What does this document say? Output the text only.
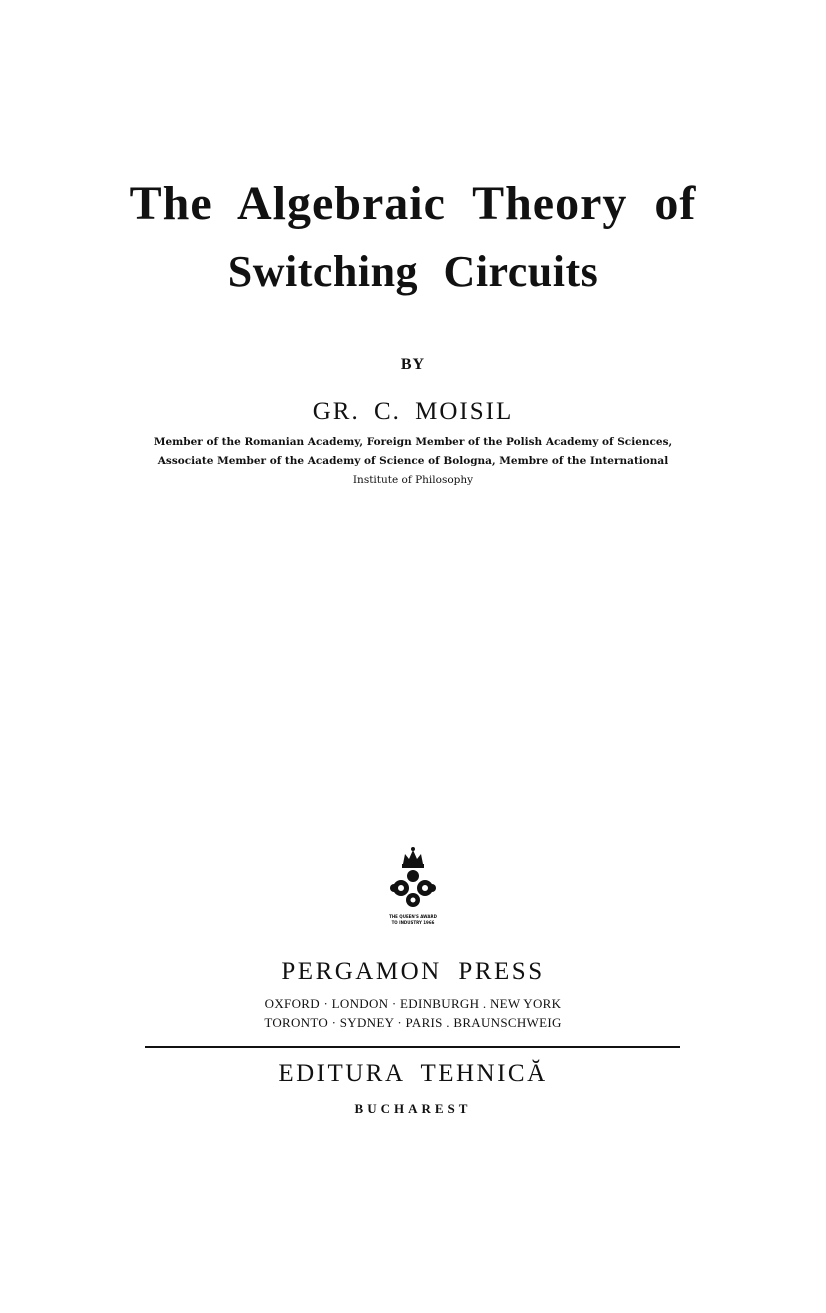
The Algebraic Theory of
Switching Circuits
BY
GR. C. MOISIL
Member of the Romanian Academy, Foreign Member of the Polish Academy of Sciences,
Associate Member of the Academy of Science of Bologna, Membre of the International
Institute of Philosophy
THE QUEEN'S AWARD
TO INDUSTRY 1966
PERGAMON PRESS
OXFORD · LONDON · EDINBURGH . NEW YORK
TORONTO · SYDNEY · PARIS . BRAUNSCHWEIG
EDITURA TEHNICĂ
BUCHAREST
